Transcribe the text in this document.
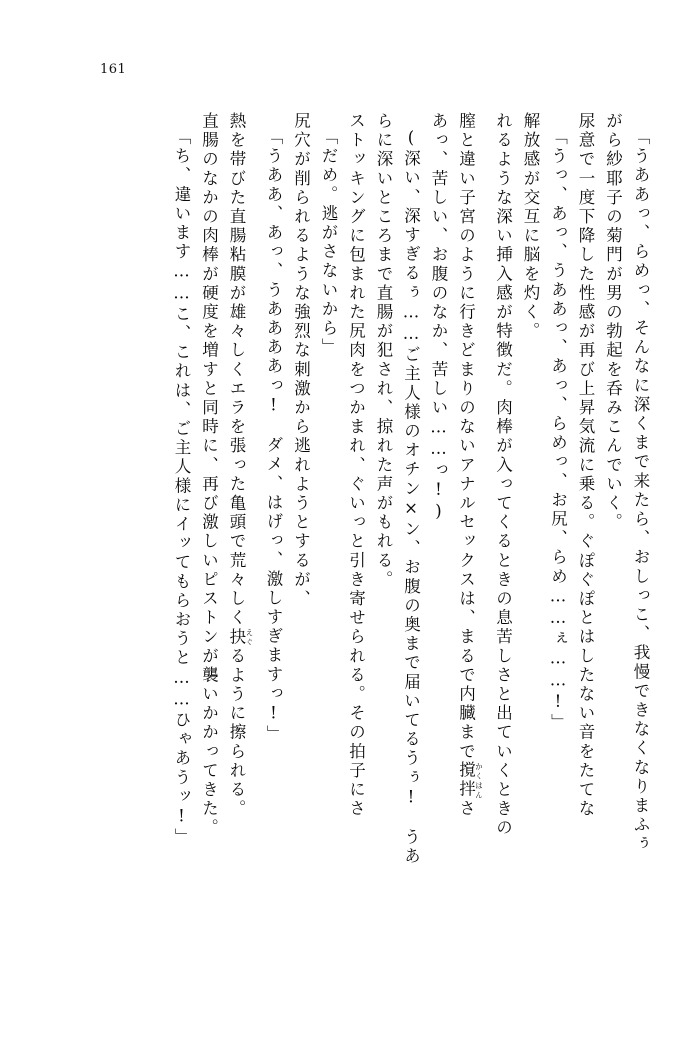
161
「ち、違います……こ、これは、ご主人様にイッてもらおうと……ひゃあうッ!」 直腸のなかの肉棒が硬度を増すと同時に、再び激しいピストンが襲いかかってきた。 熱を帯びた直腸粘膜が雄々しくエラを張った亀頭で荒々しく抉 えぐるように擦られる。	「うああ、あっ、うああああっ!　ダメ、はげっ、激しすぎますっ!」 尻穴が削られるような強烈な刺激から逃れようとするが、 「だめ。逃がさないから」 ストッキングに包まれた尻肉をつかまれ、ぐいっと引き寄せられる。その拍子にさ らに深いところまで直腸が犯され、掠れた声がもれる。 (深い、深すぎるぅ……ご主人様のオチン×ン、お腹の奥まで届いてるうぅ!　うあ あっ、苦しい、お腹のなか、苦しい……っ!) 膣と違い子宮のように行きどまりのないアナルセックスは、まるで内臓まで撹拌 かくはんさ	れるような深い挿入感が特徴だ。肉棒が入ってくるときの息苦しさと出ていくときの 解放感が交互に脳を灼く。 「うっ、あっ、うああっ、あっ、らめっ、お尻、らめ……ぇ……!」 尿意で一度下降した性感が再び上昇気流に乗る。ぐぽぐぽとはしたない音をたてな がら紗耶子の菊門が男の勃起を呑みこんでいく。 「うああっ、らめっ、そんなに深くまで来たら、おしっこ、我慢できなくなりまふぅ
